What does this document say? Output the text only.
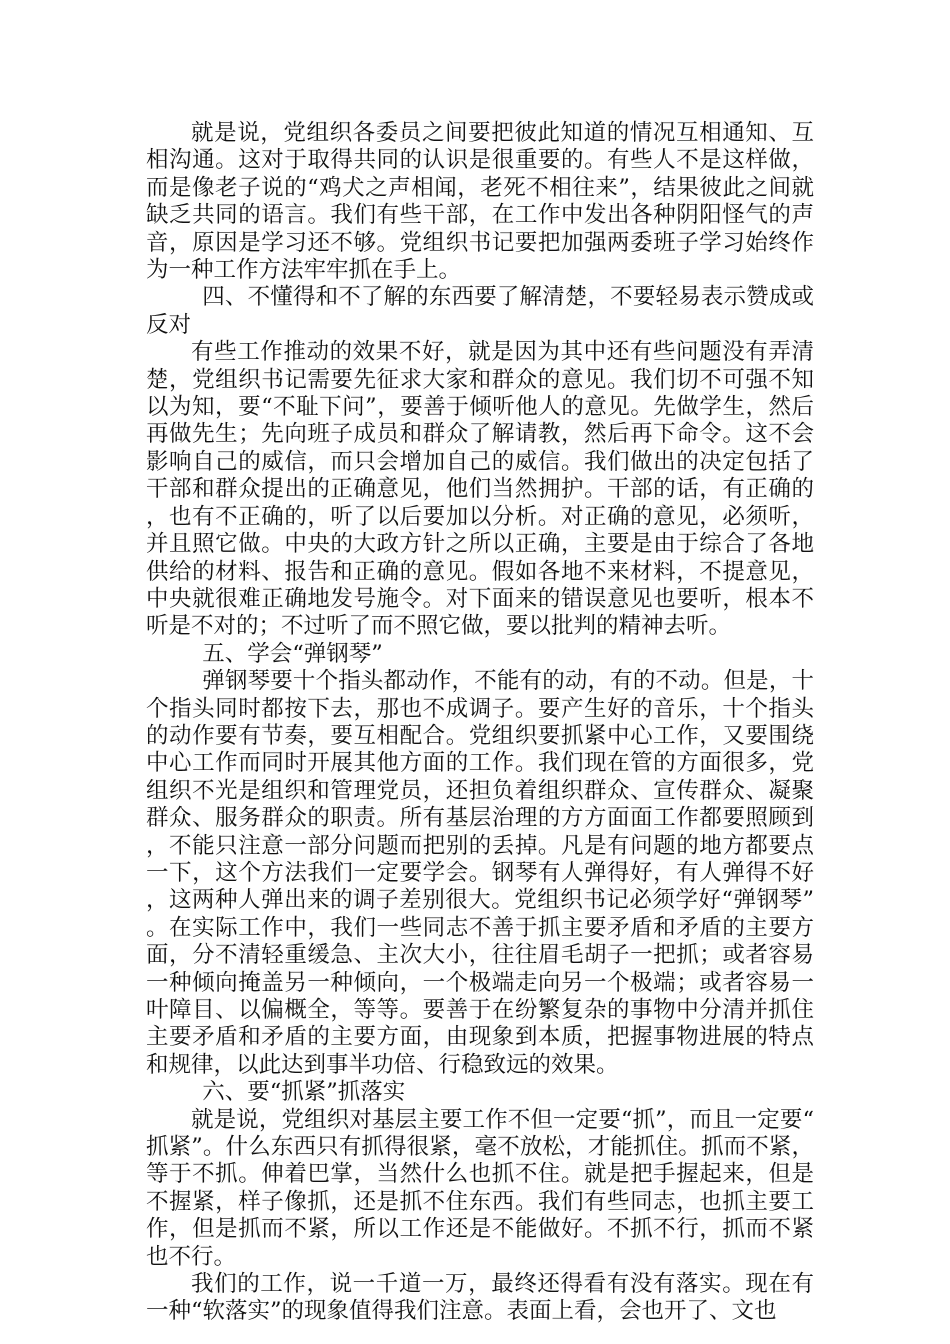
就是说，党组织各委员之间要把彼此知道的情况互相通知、互相沟通。这对于取得共同的认识是很重要的。有些人不是这样做，而是像老子说的“鸡犬之声相闻，老死不相往来”，结果彼此之间就缺乏共同的语言。我们有些干部，在工作中发出各种阴阳怪气的声音，原因是学习还不够。党组织书记要把加强两委班子学习始终作为一种工作方法牢牢抓在手上。

四、不懂得和不了解的东西要了解清楚，不要轻易表示赞成或反对

有些工作推动的效果不好，就是因为其中还有些问题没有弄清楚，党组织书记需要先征求大家和群众的意见。我们切不可强不知以为知，要“不耻下问”，要善于倾听他人的意见。先做学生，然后再做先生；先向班子成员和群众了解请教，然后再下命令。这不会影响自己的威信，而只会增加自己的威信。我们做出的决定包括了干部和群众提出的正确意见，他们当然拥护。干部的话，有正确的，也有不正确的，听了以后要加以分析。对正确的意见，必须听，并且照它做。中央的大政方针之所以正确，主要是由于综合了各地供给的材料、报告和正确的意见。假如各地不来材料，不提意见，中央就很难正确地发号施令。对下面来的错误意见也要听，根本不听是不对的；不过听了而不照它做，要以批判的精神去听。

五、学会“弹钢琴”

弹钢琴要十个指头都动作，不能有的动，有的不动。但是，十个指头同时都按下去，那也不成调子。要产生好的音乐，十个指头的动作要有节奏，要互相配合。党组织要抓紧中心工作，又要围绕中心工作而同时开展其他方面的工作。我们现在管的方面很多，党组织不光是组织和管理党员，还担负着组织群众、宣传群众、凝聚群众、服务群众的职责。所有基层治理的方方面面工作都要照顾到，不能只注意一部分问题而把别的丢掉。凡是有问题的地方都要点一下，这个方法我们一定要学会。钢琴有人弹得好，有人弹得不好，这两种人弹出来的调子差别很大。党组织书记必须学好“弹钢琴”。在实际工作中，我们一些同志不善于抓主要矛盾和矛盾的主要方面，分不清轻重缓急、主次大小，往往眉毛胡子一把抓；或者容易一种倾向掩盖另一种倾向，一个极端走向另一个极端；或者容易一叶障目、以偏概全，等等。要善于在纷繁复杂的事物中分清并抓住主要矛盾和矛盾的主要方面，由现象到本质，把握事物进展的特点和规律，以此达到事半功倍、行稳致远的效果。

六、要“抓紧”抓落实

就是说，党组织对基层主要工作不但一定要“抓”，而且一定要“抓紧”。什么东西只有抓得很紧，毫不放松，才能抓住。抓而不紧，等于不抓。伸着巴掌，当然什么也抓不住。就是把手握起来，但是不握紧，样子像抓，还是抓不住东西。我们有些同志，也抓主要工作，但是抓而不紧，所以工作还是不能做好。不抓不行，抓而不紧也不行。

我们的工作，说一千道一万，最终还得看有没有落实。现在有一种“软落实”的现象值得我们注意。表面上看，会也开了、文也
